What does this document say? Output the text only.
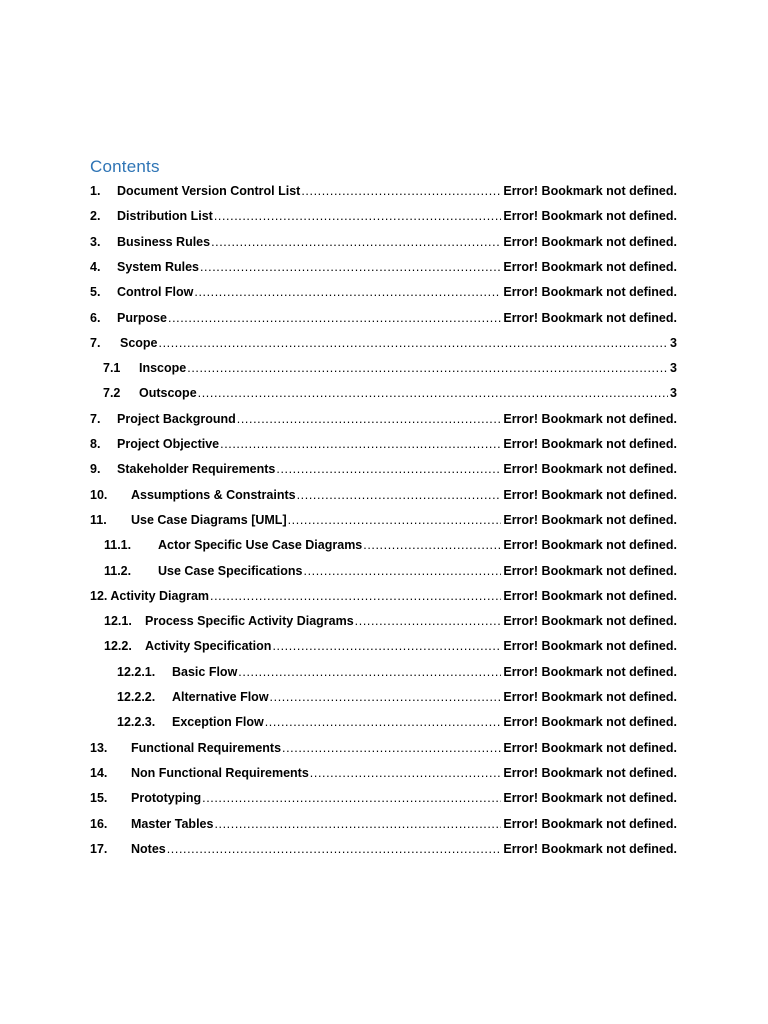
Contents
1. Document Version Control List .....	Error! Bookmark not defined.
2. Distribution List .....	Error! Bookmark not defined.
3. Business Rules .....	Error! Bookmark not defined.
4. System Rules .....	Error! Bookmark not defined.
5. Control Flow .....	Error! Bookmark not defined.
6. Purpose .....	Error! Bookmark not defined.
7. Scope .....	3
7.1 Inscope .....	3
7.2 Outscope .....	3
7. Project Background .....	Error! Bookmark not defined.
8. Project Objective .....	Error! Bookmark not defined.
9. Stakeholder Requirements .....	Error! Bookmark not defined.
10. Assumptions & Constraints .....	Error! Bookmark not defined.
11. Use Case Diagrams [UML] .....	Error! Bookmark not defined.
11.1. Actor Specific Use Case Diagrams .....	Error! Bookmark not defined.
11.2. Use Case Specifications .....	Error! Bookmark not defined.
12. Activity Diagram .....	Error! Bookmark not defined.
12.1. Process Specific Activity Diagrams .....	Error! Bookmark not defined.
12.2. Activity Specification .....	Error! Bookmark not defined.
12.2.1. Basic Flow .....	Error! Bookmark not defined.
12.2.2. Alternative Flow .....	Error! Bookmark not defined.
12.2.3. Exception Flow .....	Error! Bookmark not defined.
13. Functional Requirements .....	Error! Bookmark not defined.
14. Non Functional Requirements .....	Error! Bookmark not defined.
15. Prototyping .....	Error! Bookmark not defined.
16. Master Tables .....	Error! Bookmark not defined.
17. Notes .....	Error! Bookmark not defined.
